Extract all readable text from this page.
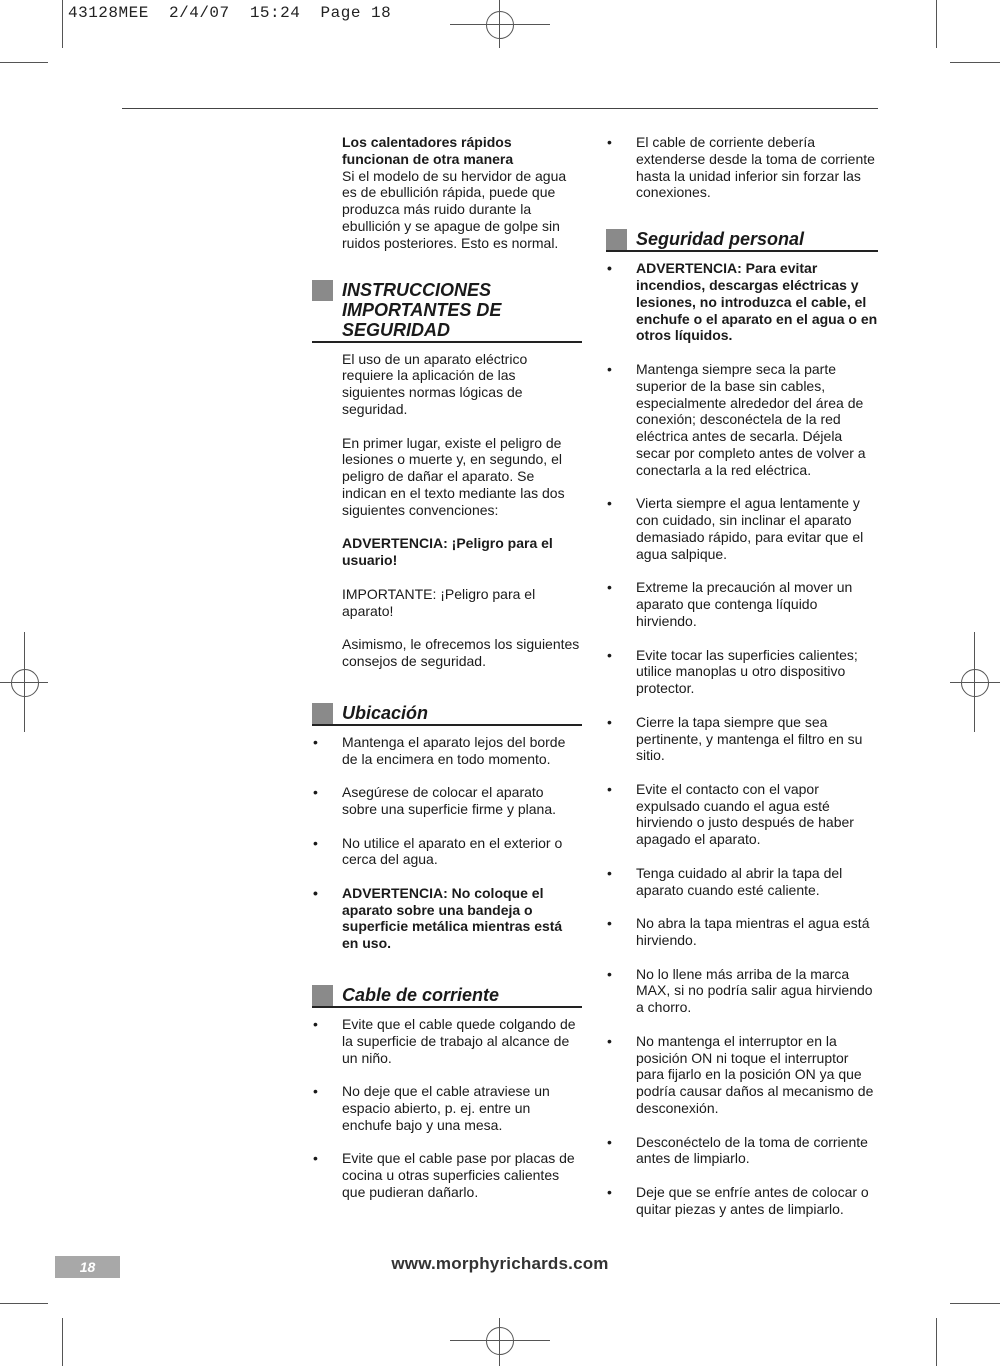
43128MEE  2/4/07  15:24  Page 18
Los calentadores rápidos
funcionan de otra manera
Si el modelo de su hervidor de agua es de ebullición rápida, puede que produzca más ruido durante la ebullición y se apague de golpe sin ruidos posteriores. Esto es normal.
INSTRUCCIONES
IMPORTANTES DE
SEGURIDAD

El uso de un aparato eléctrico requiere la aplicación de las siguientes normas lógicas de seguridad.

En primer lugar, existe el peligro de lesiones o muerte y, en segundo, el peligro de dañar el aparato. Se indican en el texto mediante las dos siguientes convenciones:

ADVERTENCIA: ¡Peligro para el usuario!

IMPORTANTE: ¡Peligro para el aparato!

Asimismo, le ofrecemos los siguientes consejos de seguridad.

Ubicación
• Mantenga el aparato lejos del borde de la encimera en todo momento.
• Asegúrese de colocar el aparato sobre una superficie firme y plana.
• No utilice el aparato en el exterior o cerca del agua.
• ADVERTENCIA: No coloque el aparato sobre una bandeja o superficie metálica mientras está en uso.
Cable de corriente
• Evite que el cable quede colgando de la superficie de trabajo al alcance de un niño.
• No deje que el cable atraviese un espacio abierto, p. ej. entre un enchufe bajo y una mesa.
• Evite que el cable pase por placas de cocina u otras superficies calientes que pudieran dañarlo.
• El cable de corriente debería extenderse desde la toma de corriente hasta la unidad inferior sin forzar las conexiones.
Seguridad personal
• ADVERTENCIA: Para evitar incendios, descargas eléctricas y lesiones, no introduzca el cable, el enchufe o el aparato en el agua o en otros líquidos.
• Mantenga siempre seca la parte superior de la base sin cables, especialmente alrededor del área de conexión; desconéctela de la red eléctrica antes de secarla. Déjela secar por completo antes de volver a conectarla a la red eléctrica.
• Vierta siempre el agua lentamente y con cuidado, sin inclinar el aparato demasiado rápido, para evitar que el agua salpique.
• Extreme la precaución al mover un aparato que contenga líquido hirviendo.
• Evite tocar las superficies calientes; utilice manoplas u otro dispositivo protector.
• Cierre la tapa siempre que sea pertinente, y mantenga el filtro en su sitio.
• Evite el contacto con el vapor expulsado cuando el agua esté hirviendo o justo después de haber apagado el aparato.
• Tenga cuidado al abrir la tapa del aparato cuando esté caliente.
• No abra la tapa mientras el agua está hirviendo.
• No lo llene más arriba de la marca MAX, si no podría salir agua hirviendo a chorro.
• No mantenga el interruptor en la posición ON ni toque el interruptor para fijarlo en la posición ON ya que podría causar daños al mecanismo de desconexión.
• Desconéctelo de la toma de corriente antes de limpiarlo.
• Deje que se enfríe antes de colocar o quitar piezas y antes de limpiarlo.
18	www.morphyrichards.com
